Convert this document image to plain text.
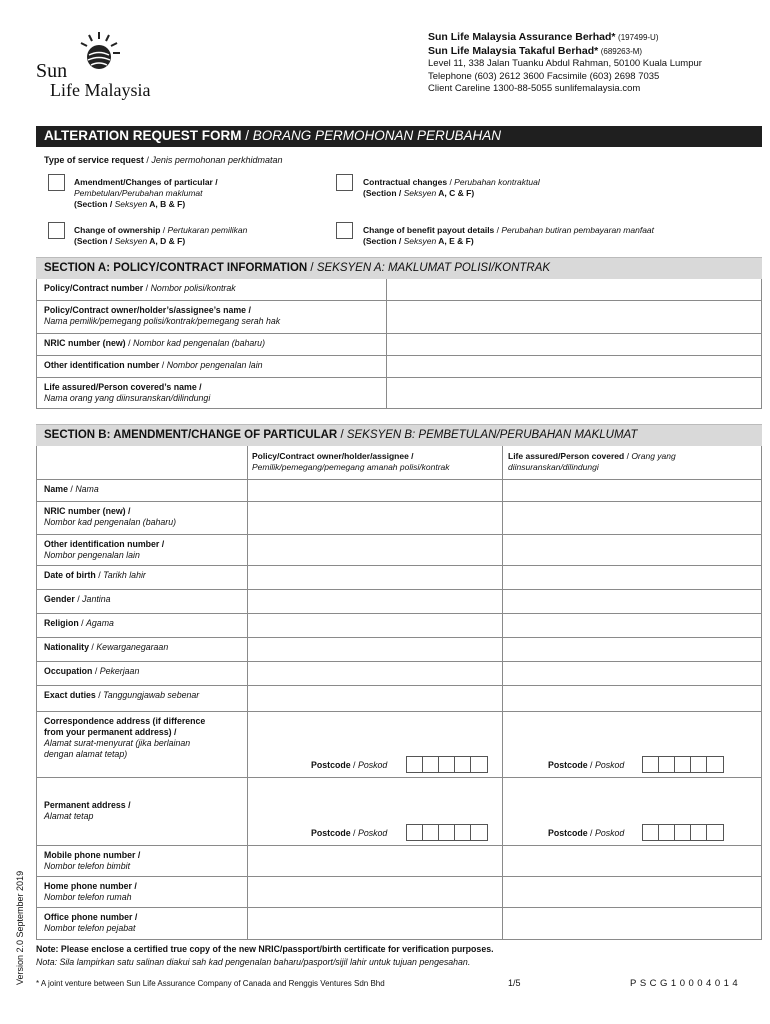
Sun
Life Malaysia
Sun Life Malaysia Assurance Berhad* (197499-U)
Sun Life Malaysia Takaful Berhad* (689263-M)
Level 11, 338 Jalan Tuanku Abdul Rahman, 50100 Kuala Lumpur
Telephone (603) 2612 3600 Facsimile (603) 2698 7035
Client Careline 1300-88-5055 sunlifemalaysia.com
ALTERATION REQUEST FORM / BORANG PERMOHONAN PERUBAHAN
Type of service request / Jenis permohonan perkhidmatan
Amendment/Changes of particular /
Pembetulan/Perubahan maklumat
(Section / Seksyen A, B & F)
Contractual changes / Perubahan kontraktual
(Section / Seksyen A, C & F)
Change of ownership / Pertukaran pemilikan
(Section / Seksyen A, D & F)
Change of benefit payout details / Perubahan butiran pembayaran manfaat
(Section / Seksyen A, E & F)
SECTION A: POLICY/CONTRACT INFORMATION / SEKSYEN A: MAKLUMAT POLISI/KONTRAK
Policy/Contract number / Nombor polisi/kontrak
Policy/Contract owner/holder’s/assignee’s name /
Nama pemilik/pemegang polisi/kontrak/pemegang serah hak
NRIC number (new) / Nombor kad pengenalan (baharu)
Other identification number / Nombor pengenalan lain
Life assured/Person covered’s name /
Nama orang yang diinsuranskan/dilindungi
SECTION B: AMENDMENT/CHANGE OF PARTICULAR / SEKSYEN B: PEMBETULAN/PERUBAHAN MAKLUMAT
Policy/Contract owner/holder/assignee /
Pemilik/pemegang/pemegang amanah polisi/kontrak
Life assured/Person covered / Orang yang diinsuranskan/dilindungi
Name / Nama
NRIC number (new) /
Nombor kad pengenalan (baharu)
Other identification number /
Nombor pengenalan lain
Date of birth / Tarikh lahir
Gender / Jantina
Religion / Agama
Nationality / Kewarganegaraan
Occupation / Pekerjaan
Exact duties / Tanggungjawab sebenar
Correspondence address (if difference
from your permanent address) /
Alamat surat-menyurat (jika berlainan
dengan alamat tetap)
Postcode / Poskod	Postcode / Poskod
Permanent address /
Alamat tetap
Postcode / Poskod	Postcode / Poskod
Mobile phone number /
Nombor telefon bimbit
Home phone number /
Nombor telefon rumah
Office phone number /
Nombor telefon pejabat
Note: Please enclose a certified true copy of the new NRIC/passport/birth certificate for verification purposes.
Nota: Sila lampirkan satu salinan diakui sah kad pengenalan baharu/pasport/sijil lahir untuk tujuan pengesahan.
* A joint venture between Sun Life Assurance Company of Canada and Renggis Ventures Sdn Bhd	1/5	PSCG10004014
Version 2.0 September 2019
